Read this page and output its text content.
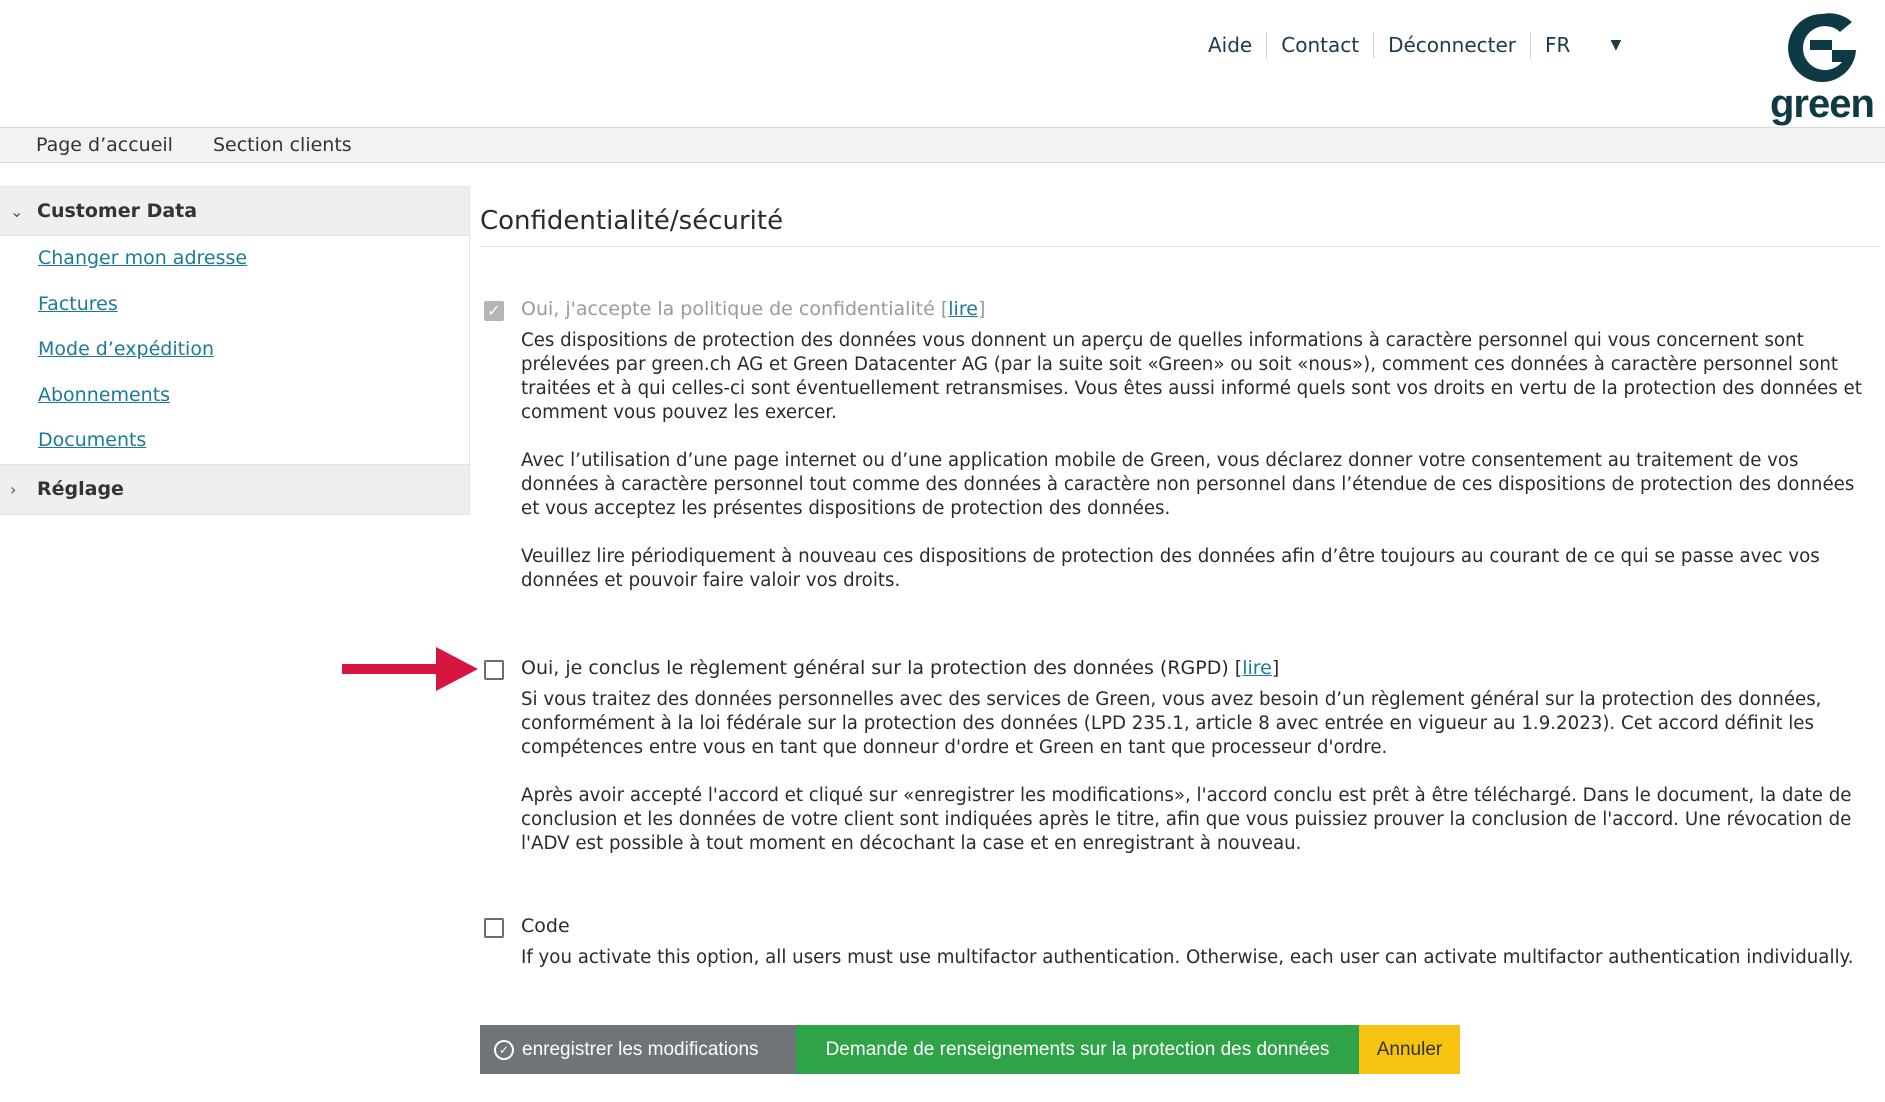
Aide	Contact	Déconnecter	FR	▼
green
Page d’accueil Section clients
⌄ Customer Data
Changer mon adresse
Factures
Mode d’expédition
Abonnements
Documents
› Réglage
Confidentialité/sécurité
✓ Oui, j'accepte la politique de confidentialité [lire]

Ces dispositions de protection des données vous donnent un aperçu de quelles informations à caractère personnel qui vous concernent sont prélevées par green.ch AG et Green Datacenter AG (par la suite soit «Green» ou soit «nous»), comment ces données à caractère personnel sont traitées et à qui celles-ci sont éventuellement retransmises. Vous êtes aussi informé quels sont vos droits en vertu de la protection des données et comment vous pouvez les exercer.

Avec l’utilisation d’une page internet ou d’une application mobile de Green, vous déclarez donner votre consentement au traitement de vos données à caractère personnel tout comme des données à caractère non personnel dans l’étendue de ces dispositions de protection des données et vous acceptez les présentes dispositions de protection des données.

Veuillez lire périodiquement à nouveau ces dispositions de protection des données afin d’être toujours au courant de ce qui se passe avec vos données et pouvoir faire valoir vos droits.

Oui, je conclus le règlement général sur la protection des données (RGPD) [lire]

Si vous traitez des données personnelles avec des services de Green, vous avez besoin d’un règlement général sur la protection des données, conformément à la loi fédérale sur la protection des données (LPD 235.1, article 8 avec entrée en vigueur au 1.9.2023). Cet accord définit les compétences entre vous en tant que donneur d'ordre et Green en tant que processeur d'ordre.

Après avoir accepté l'accord et cliqué sur «enregistrer les modifications», l'accord conclu est prêt à être téléchargé. Dans le document, la date de conclusion et les données de votre client sont indiquées après le titre, afin que vous puissiez prouver la conclusion de l'accord. Une révocation de l'ADV est possible à tout moment en décochant la case et en enregistrant à nouveau.

Code

If you activate this option, all users must use multifactor authentication. Otherwise, each user can activate multifactor authentication individually.

✓ enregistrer les modifications	Demande de renseignements sur la protection des données	Annuler
